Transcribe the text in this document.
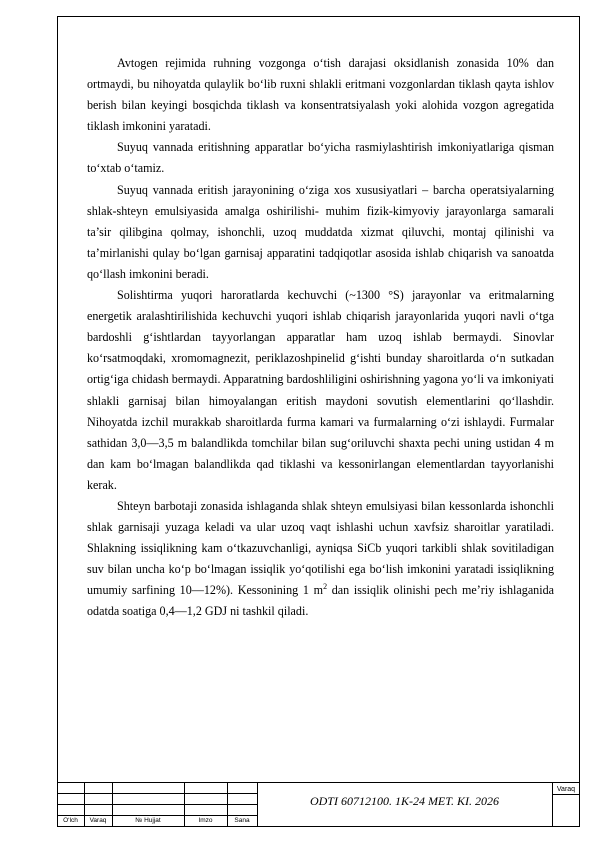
Avtogen rejimida ruhning vozgonga o‘tish darajasi oksidlanish zonasida 10% dan ortmaydi, bu nihoyatda qulaylik bo‘lib ruxni shlakli eritmani vozgonlardan tiklash qayta ishlov berish bilan keyingi bosqichda tiklash va konsentratsiyalash yoki alohida vozgon agregatida tiklash imkonini yaratadi.

Suyuq vannada eritishning apparatlar bo‘yicha rasmiylashtirish imkoniyatlariga qisman to‘xtab o‘tamiz.

Suyuq vannada eritish jarayonining o‘ziga xos xususiyatlari – barcha operatsiyalarning shlak-shteyn emulsiyasida amalga oshirilishi- muhim fizik-kimyoviy jarayonlarga samarali ta’sir qilibgina qolmay, ishonchli, uzoq muddatda xizmat qiluvchi, montaj qilinishi va ta’mirlanishi qulay bo‘lgan garnisaj apparatini tadqiqotlar asosida ishlab chiqarish va sanoatda qo‘llash imkonini beradi.

Solishtirma yuqori haroratlarda kechuvchi (~1300 °S) jarayonlar va eritmalarning energetik aralashtirilishida kechuvchi yuqori ishlab chiqarish jarayonlarida yuqori navli o‘tga bardoshli g‘ishtlardan tayyorlangan apparatlar ham uzoq ishlab bermaydi. Sinovlar ko‘rsatmoqdaki, xromomagnezit, periklazoshpinelid g‘ishti bunday sharoitlarda o‘n sutkadan ortig‘iga chidash bermaydi. Apparatning bardoshliligini oshirishning yagona yo‘li va imkoniyati shlakli garnisaj bilan himoyalangan eritish maydoni sovutish elementlarini qo‘llashdir. Nihoyatda izchil murakkab sharoitlarda furma kamari va furmalarning o‘zi ishlaydi. Furmalar sathidan 3,0—3,5 m balandlikda tomchilar bilan sug‘oriluvchi shaxta pechi uning ustidan 4 m dan kam bo‘lmagan balandlikda qad tiklashi va kessonirlangan elementlardan tayyorlanishi kerak.

Shteyn barbotaji zonasida ishlaganda shlak shteyn emulsiyasi bilan kessonlarda ishonchli shlak garnisaji yuzaga keladi va ular uzoq vaqt ishlashi uchun xavfsiz sharoitlar yaratiladi. Shlakning issiqlikning kam o‘tkazuvchanligi, ayniqsa SiCb yuqori tarkibli shlak sovitiladigan suv bilan uncha ko‘p bo‘lmagan issiqlik yo‘qotilishi ega bo‘lish imkonini yaratadi issiqlikning umumiy sarfining 10—12%). Kessonining 1 $m^2$ dan issiqlik olinishi pech me’riy ishlaganida odatda soatiga 0,4—1,2 GDJ ni tashkil qiladi.

O‘lch	Varaq	№ Hujjat	Imzo	Sana
ODTI 60712100. 1K-24 MET. KI. 2026
Varaq
